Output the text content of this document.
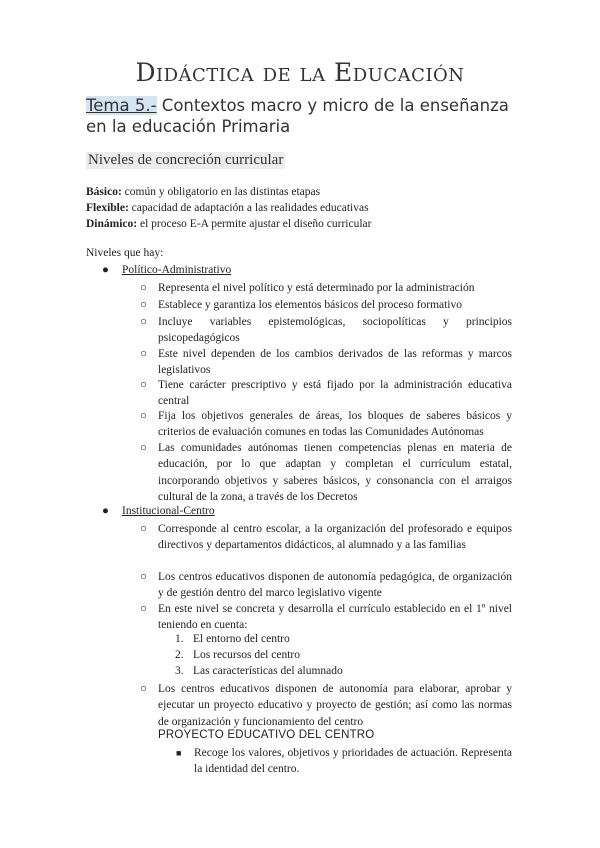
Didáctica de la Educación
Tema 5.- Contextos macro y micro de la enseñanza en la educación Primaria
Niveles de concreción curricular
Básico: común y obligatorio en las distintas etapas
Flexible: capacidad de adaptación a las realidades educativas
Dinámico: el proceso E-A permite ajustar el diseño curricular
Niveles que hay:
● Político-Administrativo
○ Representa el nivel político y está determinado por la administración
○ Establece y garantiza los elementos básicos del proceso formativo
○ Incluye variables epistemológicas, sociopolíticas y principios psicopedagógicos
○ Este nivel dependen de los cambios derivados de las reformas y marcos legislativos
○ Tiene carácter prescriptivo y está fijado por la administración educativa central
○ Fija los objetivos generales de áreas, los bloques de saberes básicos y criterios de evaluación comunes en todas las Comunidades Autónomas
○ Las comunidades autónomas tienen competencias plenas en materia de educación, por lo que adaptan y completan el currículum estatal, incorporando objetivos y saberes básicos, y consonancia con el arraigos cultural de la zona, a través de los Decretos
● Institucional-Centro
○ Corresponde al centro escolar, a la organización del profesorado e equipos directivos y departamentos didácticos, al alumnado y a las familias
○ Los centros educativos disponen de autonomía pedagógica, de organización y de gestión dentro del marco legislativo vigente
○ En este nivel se concreta y desarrolla el currículo establecido en el 1º nivel teniendo en cuenta:
1. El entorno del centro
2. Los recursos del centro
3. Las características del alumnado
○ Los centros educativos disponen de autonomía para elaborar, aprobar y ejecutar un proyecto educativo y proyecto de gestión; así como las normas de organización y funcionamiento del centro
PROYECTO EDUCATIVO DEL CENTRO
■ Recoge los valores, objetivos y prioridades de actuación. Representa la identidad del centro.
